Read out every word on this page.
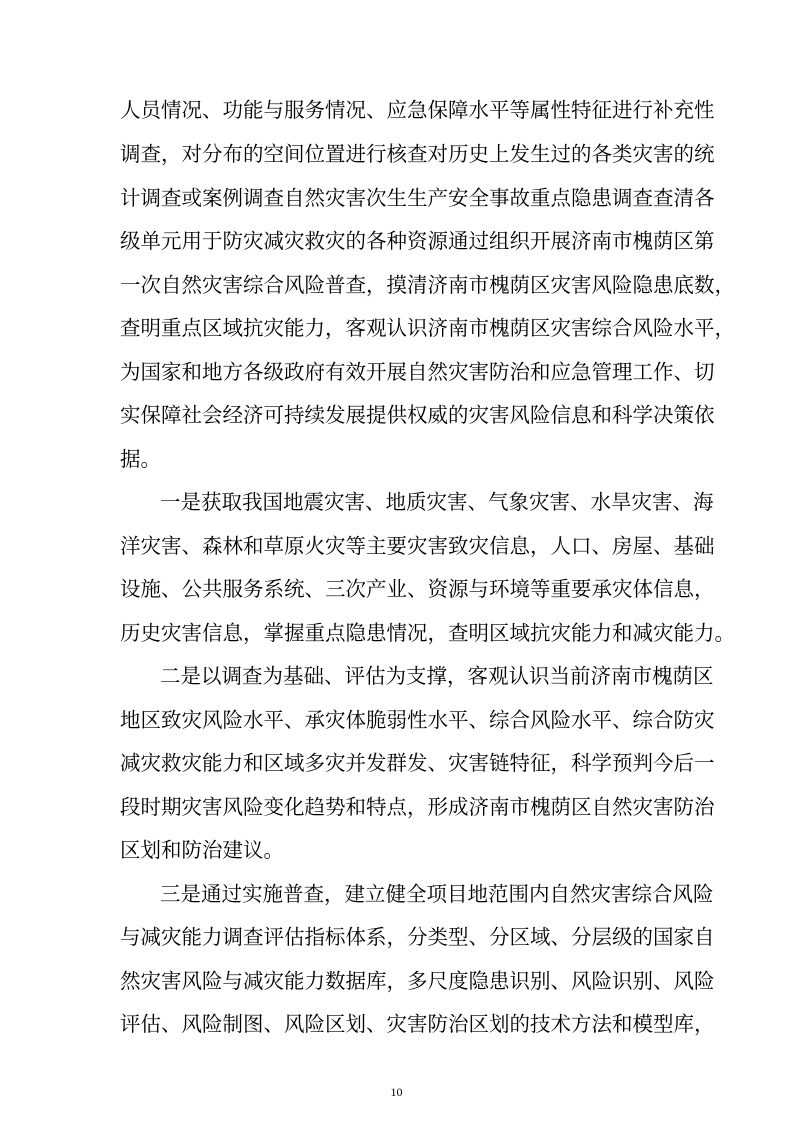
人员情况、功能与服务情况、应急保障水平等属性特征进行补充性
调查，对分布的空间位置进行核查对历史上发生过的各类灾害的统
计调查或案例调查自然灾害次生生产安全事故重点隐患调查查清各
级单元用于防灾减灾救灾的各种资源通过组织开展济南市槐荫区第
一次自然灾害综合风险普查，摸清济南市槐荫区灾害风险隐患底数，
查明重点区域抗灾能力，客观认识济南市槐荫区灾害综合风险水平，
为国家和地方各级政府有效开展自然灾害防治和应急管理工作、切
实保障社会经济可持续发展提供权威的灾害风险信息和科学决策依
据。
一是获取我国地震灾害、地质灾害、气象灾害、水旱灾害、海
洋灾害、森林和草原火灾等主要灾害致灾信息，人口、房屋、基础
设施、公共服务系统、三次产业、资源与环境等重要承灾体信息，
历史灾害信息，掌握重点隐患情况，查明区域抗灾能力和减灾能力。
二是以调查为基础、评估为支撑，客观认识当前济南市槐荫区
地区致灾风险水平、承灾体脆弱性水平、综合风险水平、综合防灾
减灾救灾能力和区域多灾并发群发、灾害链特征，科学预判今后一
段时期灾害风险变化趋势和特点，形成济南市槐荫区自然灾害防治
区划和防治建议。
三是通过实施普查，建立健全项目地范围内自然灾害综合风险
与减灾能力调查评估指标体系，分类型、分区域、分层级的国家自
然灾害风险与减灾能力数据库，多尺度隐患识别、风险识别、风险
评估、风险制图、风险区划、灾害防治区划的技术方法和模型库，
10
